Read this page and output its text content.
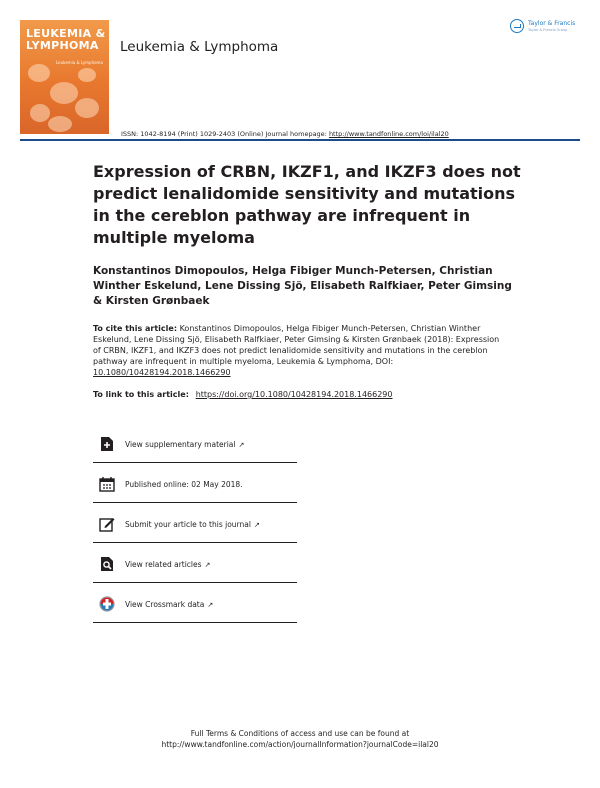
LEUKEMIA & LYMPHOMA
Leukemia & Lymphoma
Leukemia & Lymphoma
Taylor & Francis
Taylor & Francis Group
ISSN: 1042-8194 (Print) 1029-2403 (Online) Journal homepage: http://www.tandfonline.com/loi/ilal20
Expression of CRBN, IKZF1, and IKZF3 does not predict lenalidomide sensitivity and mutations in the cereblon pathway are infrequent in multiple myeloma

Konstantinos Dimopoulos, Helga Fibiger Munch-Petersen, Christian Winther Eskelund, Lene Dissing Sjö, Elisabeth Ralfkiaer, Peter Gimsing & Kirsten Grønbaek

To cite this article: Konstantinos Dimopoulos, Helga Fibiger Munch-Petersen, Christian Winther Eskelund, Lene Dissing Sjö, Elisabeth Ralfkiaer, Peter Gimsing & Kirsten Grønbaek (2018): Expression of CRBN, IKZF1, and IKZF3 does not predict lenalidomide sensitivity and mutations in the cereblon pathway are infrequent in multiple myeloma, Leukemia & Lymphoma, DOI: 10.1080/10428194.2018.1466290

To link to this article: https://doi.org/10.1080/10428194.2018.1466290
View supplementary material ↗
Published online: 02 May 2018.
Submit your article to this journal ↗
View related articles ↗
View Crossmark data ↗
Full Terms & Conditions of access and use can be found at
http://www.tandfonline.com/action/journalInformation?journalCode=ilal20
